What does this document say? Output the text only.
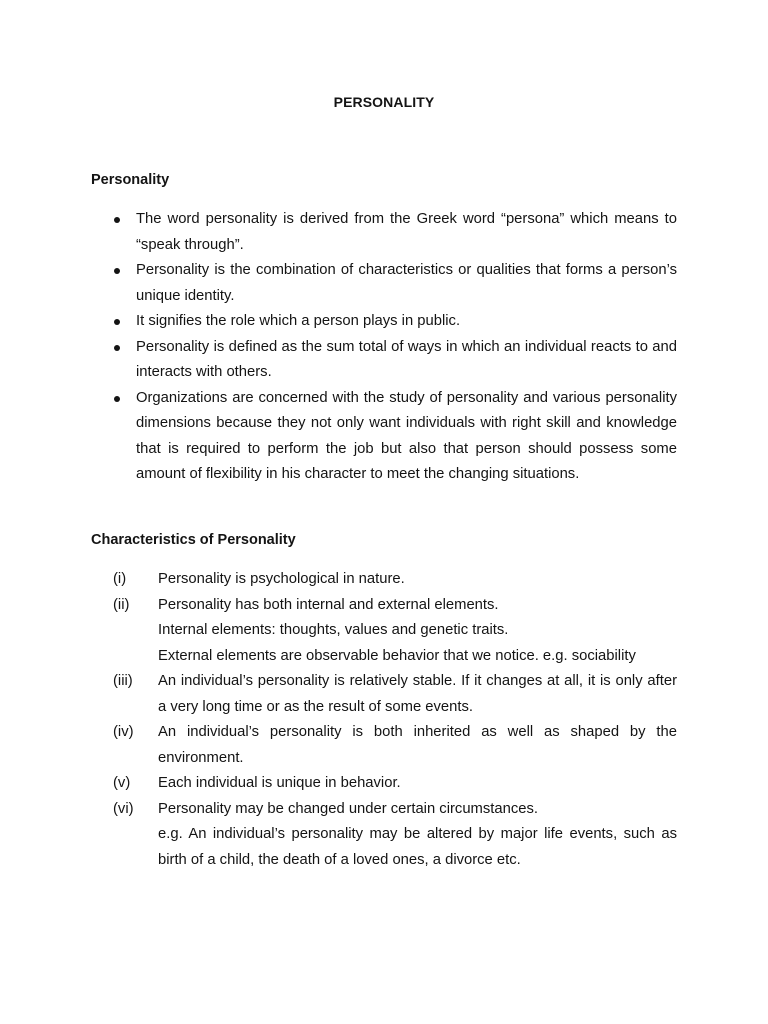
PERSONALITY
Personality
The word personality is derived from the Greek word “persona” which means to “speak through”.
Personality is the combination of characteristics or qualities that forms a person’s unique identity.
It signifies the role which a person plays in public.
Personality is defined as the sum total of ways in which an individual reacts to and interacts with others.
Organizations are concerned with the study of personality and various personality dimensions because they not only want individuals with right skill and knowledge that is required to perform the job but also that person should possess some amount of flexibility in his character to meet the changing situations.
Characteristics of Personality
(i) Personality is psychological in nature.
(ii) Personality has both internal and external elements.
Internal elements: thoughts, values and genetic traits.
External elements are observable behavior that we notice. e.g. sociability
(iii) An individual’s personality is relatively stable. If it changes at all, it is only after a very long time or as the result of some events.
(iv) An individual’s personality is both inherited as well as shaped by the environment.
(v) Each individual is unique in behavior.
(vi) Personality may be changed under certain circumstances.
e.g. An individual’s personality may be altered by major life events, such as birth of a child, the death of a loved ones, a divorce etc.
